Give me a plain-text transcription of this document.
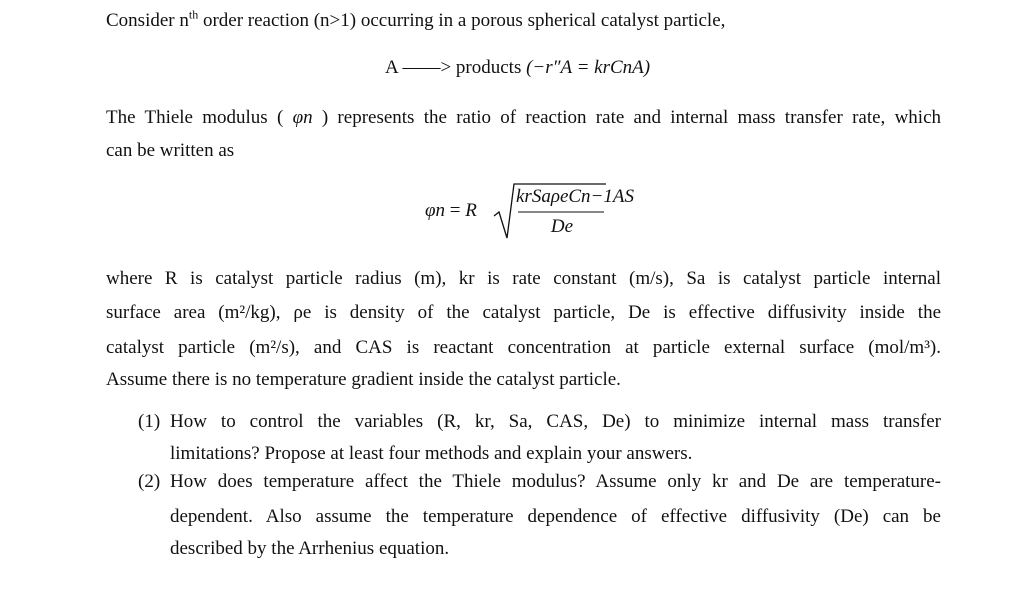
Consider $n^{th}$ order reaction (n>1) occurring in a porous spherical catalyst particle,
A ——> products (−r″A = krCnA)
The Thiele modulus ( φn ) represents the ratio of reaction rate and internal mass transfer rate, which
can be written as
φn = R
krSaρeCn−1AS
De
where R is catalyst particle radius (m), kr is rate constant (m/s), Sa is catalyst particle internal
surface area (m²/kg), ρe is density of the catalyst particle, De is effective diffusivity inside the
catalyst particle (m²/s), and CAS is reactant concentration at particle external surface (mol/m³).
Assume there is no temperature gradient inside the catalyst particle.
(1) How to control the variables (R, kr, Sa, CAS, De) to minimize internal mass transfer
limitations? Propose at least four methods and explain your answers.
(2) How does temperature affect the Thiele modulus? Assume only kr and De are temperature-
dependent. Also assume the temperature dependence of effective diffusivity (De) can be
described by the Arrhenius equation.
